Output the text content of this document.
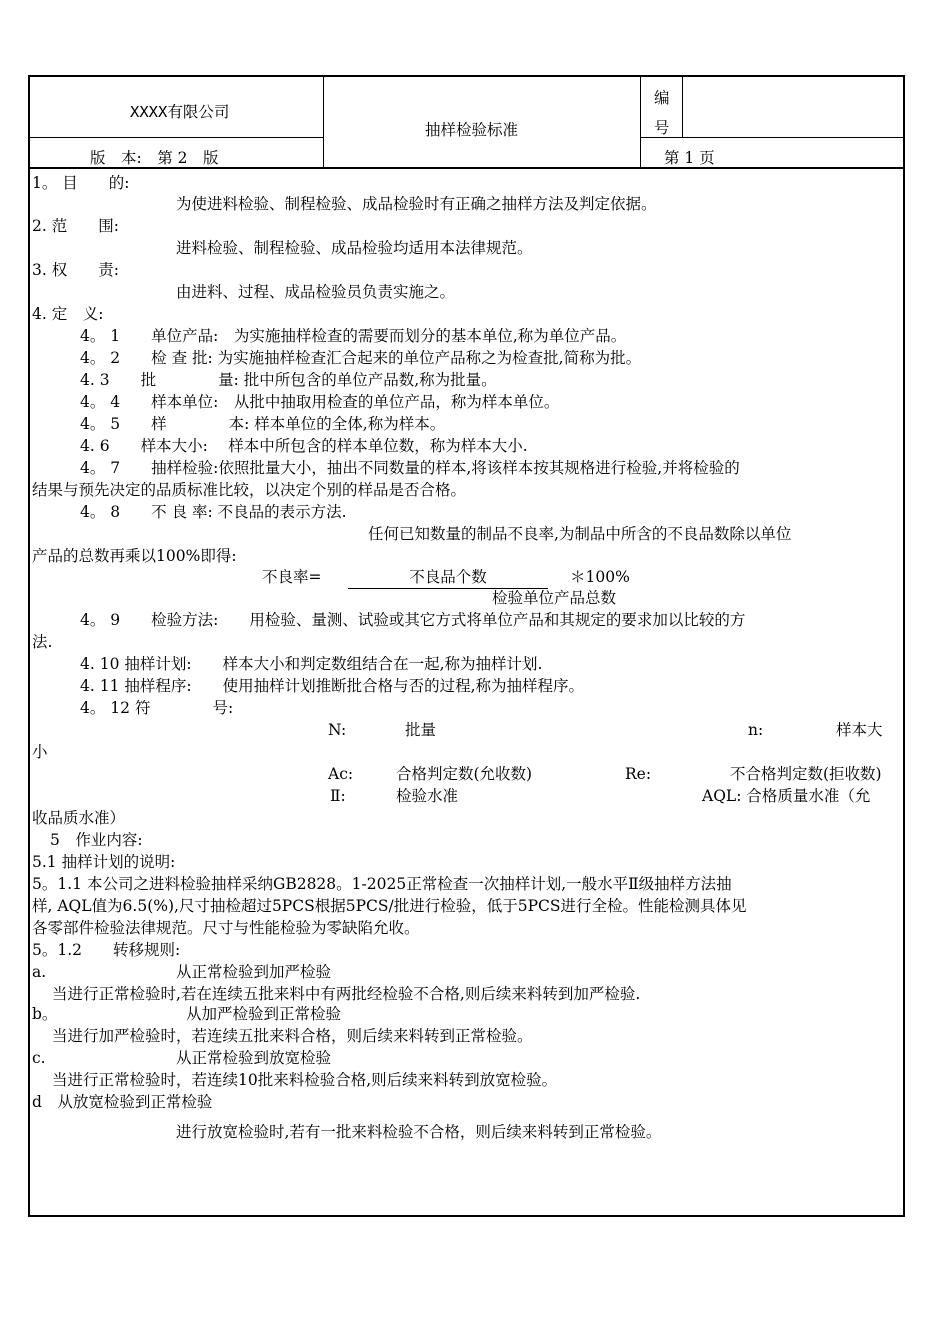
XXXX有限公司
抽样检验标准
编
号
版　本:　第 2　版	第 1 页
1。 目　　的:
为使进料检验、制程检验、成品检验时有正确之抽样方法及判定依据。
2. 范　　围:
进料检验、制程检验、成品检验均适用本法律规范。
3. 权　　责:
由进料、过程、成品检验员负责实施之。
4. 定　义:
4。 1　　单位产品:　为实施抽样检查的需要而划分的基本单位,称为单位产品。
4。 2　　检 查 批: 为实施抽样检查汇合起来的单位产品称之为检查批,简称为批。
4. 3　　批　　　　量: 批中所包含的单位产品数,称为批量。
4。 4　　样本单位:　从批中抽取用检查的单位产品，称为样本单位。
4。 5　　样　　　　本: 样本单位的全体,称为样本。
4. 6　　样本大小:　 样本中所包含的样本单位数，称为样本大小.
4。 7　　抽样检验:依照批量大小，抽出不同数量的样本,将该样本按其规格进行检验,并将检验的
结果与预先决定的品质标准比较，以决定个别的样品是否合格。
4。 8　　不 良 率: 不良品的表示方法.
任何已知数量的制品不良率,为制品中所含的不良品数除以单位
产品的总数再乘以100%即得:
不良率=	不良品个数	＊100%
检验单位产品总数
4。 9　　检验方法:　　用检验、量测、试验或其它方式将单位产品和其规定的要求加以比较的方
法.
4. 10 抽样计划:　　样本大小和判定数组结合在一起,称为抽样计划.
4. 11 抽样程序:　　使用抽样计划推断批合格与否的过程,称为抽样程序。
4。 12 符　　　　号:
N:	批量	n:	样本大
小
Ac:	合格判定数(允收数)	Re:	不合格判定数(拒收数)
Ⅱ:	检验水准	AQL: 合格质量水准（允
收品质水准）
5　作业内容:
5.1 抽样计划的说明:
5。1.1 本公司之进料检验抽样采纳GB2828。1-2025正常检查一次抽样计划,一般水平Ⅱ级抽样方法抽
样, AQL值为6.5(%),尺寸抽检超过5PCS根据5PCS/批进行检验，低于5PCS进行全检。性能检测具体见
各零部件检验法律规范。尺寸与性能检验为零缺陷允收。
5。1.2　　转移规则:
a.	从正常检验到加严检验
当进行正常检验时,若在连续五批来料中有两批经检验不合格,则后续来料转到加严检验.
b。	从加严检验到正常检验
当进行加严检验时，若连续五批来料合格，则后续来料转到正常检验。
c.	从正常检验到放宽检验
当进行正常检验时，若连续10批来料检验合格,则后续来料转到放宽检验。
d　从放宽检验到正常检验
进行放宽检验时,若有一批来料检验不合格，则后续来料转到正常检验。
